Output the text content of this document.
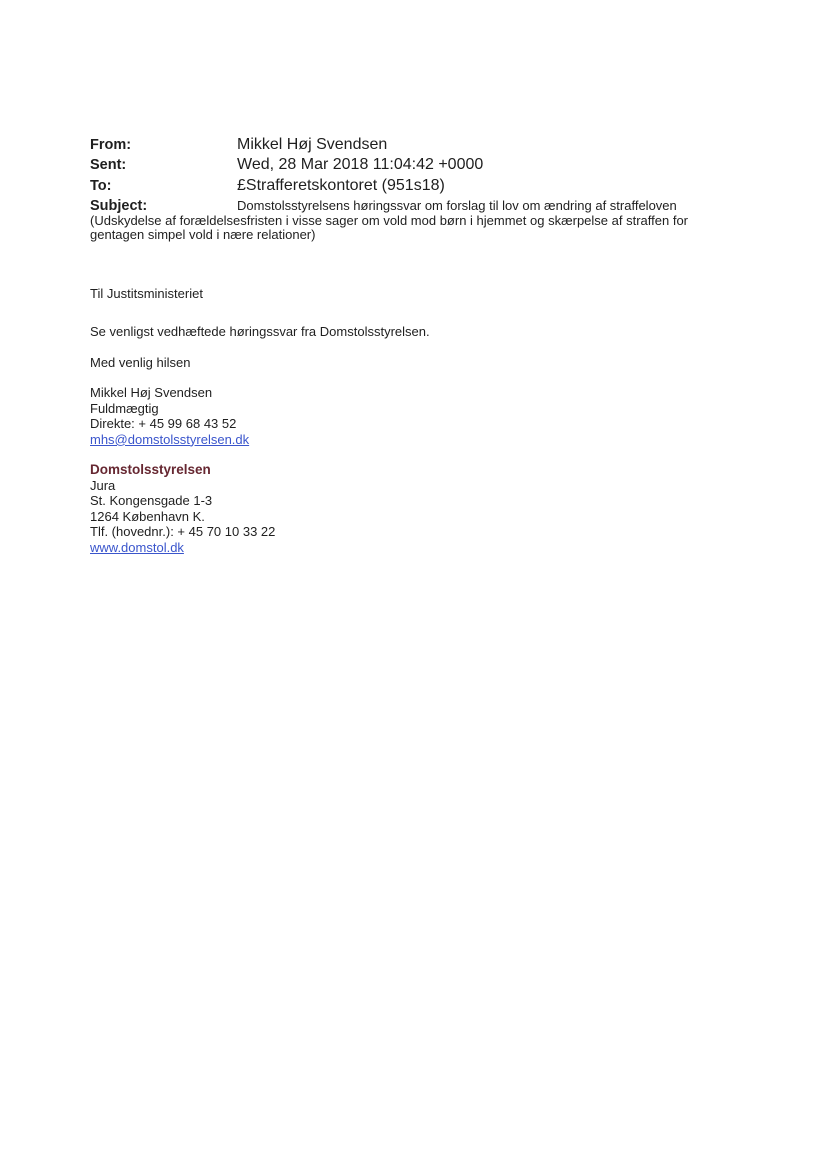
From:	Mikkel Høj Svendsen
Sent:	Wed, 28 Mar 2018 11:04:42 +0000
To:	£Strafferetskontoret (951s18)
Subject:	Domstolsstyrelsens høringssvar om forslag til lov om ændring af straffeloven
(Udskydelse af forældelsesfristen i visse sager om vold mod børn i hjemmet og skærpelse af straffen for
gentagen simpel vold i nære relationer)
Til Justitsministeriet
Se venligst vedhæftede høringssvar fra Domstolsstyrelsen.
Med venlig hilsen
Mikkel Høj Svendsen
Fuldmægtig
Direkte: + 45 99 68 43 52
mhs@domstolsstyrelsen.dk
Domstolsstyrelsen
Jura
St. Kongensgade 1-3
1264 København K.
Tlf. (hovednr.): + 45 70 10 33 22
www.domstol.dk
